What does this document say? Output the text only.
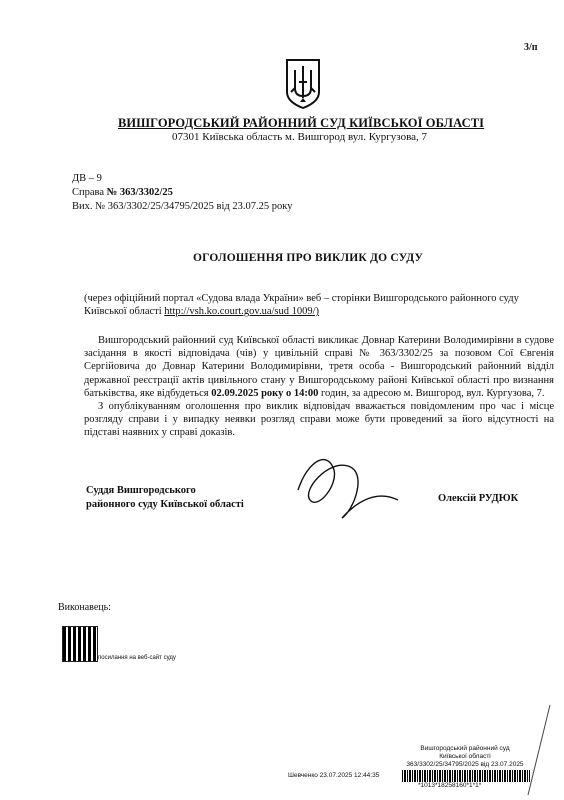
3/п
ВИШГОРОДСЬКИЙ РАЙОННИЙ СУД КИЇВСЬКОЇ ОБЛАСТІ
07301 Київська область м. Вишгород вул. Кургузова, 7
ДВ – 9
Справа № 363/3302/25
Вих. № 363/3302/25/34795/2025 від 23.07.25 року
ОГОЛОШЕННЯ ПРО ВИКЛИК ДО СУДУ
(через офіційний портал «Судова влада України» веб – сторінки Вишгородського районного суду Київської області http://vsh.ko.court.gov.ua/sud 1009/)
Вишгородський районний суд Київської області викликає Довнар Катерини Володимирівни в судове засідання в якості відповідача (чів) у цивільній справі № 363/3302/25 за позовом Сої Євгенія Сергійовича до Довнар Катерини Володимирівни, третя особа - Вишгородський районний відділ державної реєстрації актів цивільного стану у Вишгородському районі Київської області про визнання батьківства, яке відбудеться 02.09.2025 року о 14:00 годин, за адресою м. Вишгород, вул. Кургузова, 7.
З опублікуванням оголошення про виклик відповідач вважається повідомленим про час і місце розгляду справи і у випадку неявки розгляд справи може бути проведений за його відсутності на підставі наявних у справі доказів.
Суддя Вишгородського
районного суду Київської області
Олексій РУДЮК
Виконавець:
посилання на веб-сайт суду
Вишгородський районний суд
Київської області
363/3302/25/34795/2025 від 23.07.2025
Шевченко 23.07.2025 12:44:35
*1013*18258160*1*1*
